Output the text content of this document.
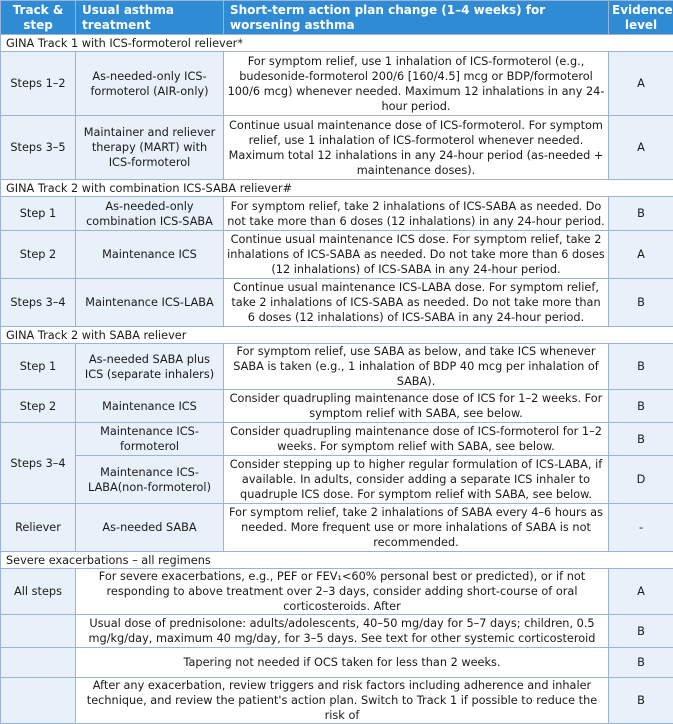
Track & step	Usual asthma treatment	Short-term action plan change (1–4 weeks) for worsening asthma	Evidence level
GINA Track 1 with ICS-formoterol reliever*			
Steps 1–2	As-needed-only ICS-formoterol (AIR-only)	For symptom relief, use 1 inhalation of ICS-formoterol (e.g., budesonide-formoterol 200/6 [160/4.5] mcg or BDP/formoterol 100/6 mcg) whenever needed. Maximum 12 inhalations in any 24-hour period.	A
Steps 3–5	Maintainer and reliever therapy (MART) with ICS-formoterol	Continue usual maintenance dose of ICS-formoterol. For symptom relief, use 1 inhalation of ICS-formoterol whenever needed. Maximum total 12 inhalations in any 24-hour period (as-needed + maintenance doses).	A
GINA Track 2 with combination ICS-SABA reliever#			
Step 1	As-needed-only combination ICS-SABA	For symptom relief, take 2 inhalations of ICS-SABA as needed. Do not take more than 6 doses (12 inhalations) in any 24-hour period.	B
Step 2	Maintenance ICS	Continue usual maintenance ICS dose. For symptom relief, take 2 inhalations of ICS-SABA as needed. Do not take more than 6 doses (12 inhalations) of ICS-SABA in any 24-hour period.	A
Steps 3–4	Maintenance ICS-LABA	Continue usual maintenance ICS-LABA dose. For symptom relief, take 2 inhalations of ICS-SABA as needed. Do not take more than 6 doses (12 inhalations) of ICS-SABA in any 24-hour period.	B
GINA Track 2 with SABA reliever			
Step 1	As-needed SABA plus ICS (separate inhalers)	For symptom relief, use SABA as below, and take ICS whenever SABA is taken (e.g., 1 inhalation of BDP 40 mcg per inhalation of SABA).	B
Step 2	Maintenance ICS	Consider quadrupling maintenance dose of ICS for 1–2 weeks. For symptom relief with SABA, see below.	B
Steps 3–4	Maintenance ICS-formoterol	Consider quadrupling maintenance dose of ICS-formoterol for 1–2 weeks. For symptom relief with SABA, see below.	B
	Maintenance ICS-LABA(non-formoterol)	Consider stepping up to higher regular formulation of ICS-LABA, if available. In adults, consider adding a separate ICS inhaler to quadruple ICS dose. For symptom relief with SABA, see below.	D
Reliever	As-needed SABA	For symptom relief, take 2 inhalations of SABA every 4–6 hours as needed. More frequent use or more inhalations of SABA is not recommended.	-
Severe exacerbations – all regimens			
All steps	For severe exacerbations, e.g., PEF or FEV₁<60% personal best or predicted), or if not responding to above treatment over 2–3 days, consider adding short-course of oral corticosteroids. After		A
	Usual dose of prednisolone: adults/adolescents, 40–50 mg/day for 5–7 days; children, 0.5 mg/kg/day, maximum 40 mg/day, for 3–5 days. See text for other systemic corticosteroid		B
	Tapering not needed if OCS taken for less than 2 weeks.		B
	After any exacerbation, review triggers and risk factors including adherence and inhaler technique, and review the patient's action plan. Switch to Track 1 if possible to reduce the risk of		B
